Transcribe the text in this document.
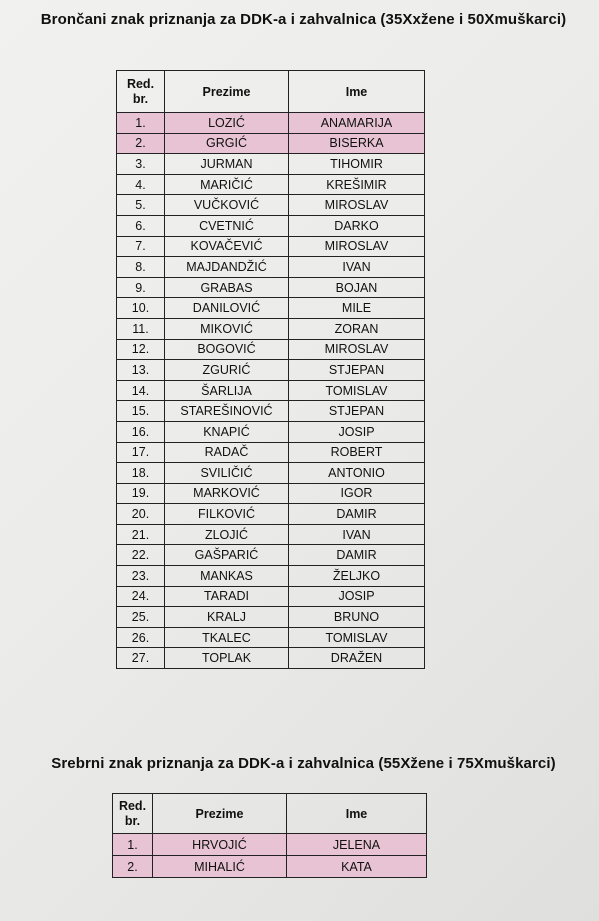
Brončani znak priznanja za DDK-a i zahvalnica (35Xxžene i 50Xmuškarci)
Red.
br.	Prezime	Ime
1.	LOZIĆ	ANAMARIJA
2.	GRGIĆ	BISERKA
3.	JURMAN	TIHOMIR
4.	MARIČIĆ	KREŠIMIR
5.	VUČKOVIĆ	MIROSLAV
6.	CVETNIĆ	DARKO
7.	KOVAČEVIĆ	MIROSLAV
8.	MAJDANDŽIĆ	IVAN
9.	GRABAS	BOJAN
10.	DANILOVIĆ	MILE
11.	MIKOVIĆ	ZORAN
12.	BOGOVIĆ	MIROSLAV
13.	ZGURIĆ	STJEPAN
14.	ŠARLIJA	TOMISLAV
15.	STAREŠINOVIĆ	STJEPAN
16.	KNAPIĆ	JOSIP
17.	RADAČ	ROBERT
18.	SVILIČIĆ	ANTONIO
19.	MARKOVIĆ	IGOR
20.	FILKOVIĆ	DAMIR
21.	ZLOJIĆ	IVAN
22.	GAŠPARIĆ	DAMIR
23.	MANKAS	ŽELJKO
24.	TARADI	JOSIP
25.	KRALJ	BRUNO
26.	TKALEC	TOMISLAV
27.	TOPLAK	DRAŽEN
Srebrni znak priznanja za DDK-a i zahvalnica (55Xžene i 75Xmuškarci)
Red.
br.	Prezime	Ime
1.	HRVOJIĆ	JELENA
2.	MIHALIĆ	KATA
